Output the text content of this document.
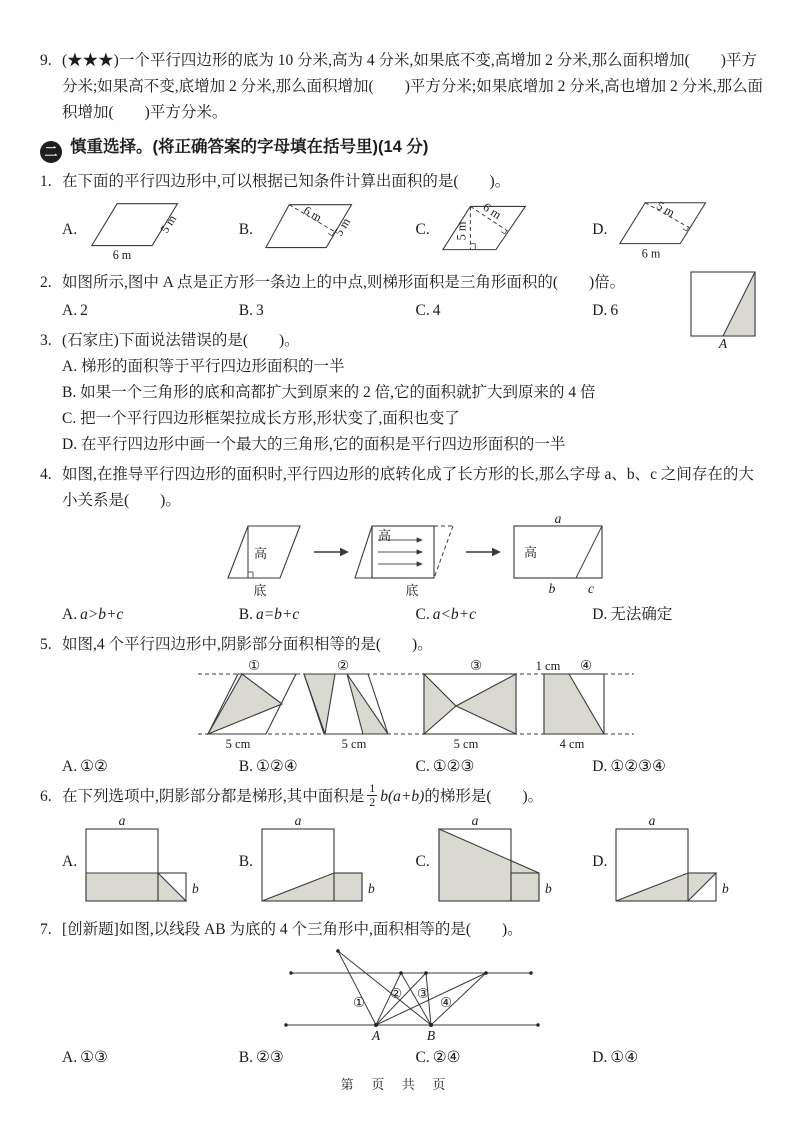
9. (★★★)一个平行四边形的底为 10 分米,高为 4 分米,如果底不变,高增加 2 分米,那么面积增加(　　)平方分米;如果高不变,底增加 2 分米,那么面积增加(　　)平方分米;如果底增加 2 分米,高也增加 2 分米,那么面积增加(　　)平方分米。
二 慎重选择。(将正确答案的字母填在括号里)(14 分)
1. 在下面的平行四边形中,可以根据已知条件计算出面积的是(　　)。
A.
6 m
5 m	B.
6 m
5 m	C. 5 m
6 m
D.
5 m
6 m
2. 如图所示,图中 A 点是正方形一条边上的中点,则梯形面积是三角形面积的(　　)倍。
A. 2	B. 3	C. 4	D. 6
A
3. (石家庄)下面说法错误的是(　　)。
A. 梯形的面积等于平行四边形面积的一半
B. 如果一个三角形的底和高都扩大到原来的 2 倍,它的面积就扩大到原来的 4 倍
C. 把一个平行四边形框架拉成长方形,形状变了,面积也变了
D. 在平行四边形中画一个最大的三角形,它的面积是平行四边形面积的一半
4. 如图,在推导平行四边形的面积时,平行四边形的底转化成了长方形的长,那么字母 a、b、c 之间存在的大小关系是(　　)。
高
底
高
底
a
高
b c
A. a>b+c	B. a=b+c	C. a<b+c	D. 无法确定
5. 如图,4 个平行四边形中,阴影部分面积相等的是(　　)。
①
5 cm
②
5 cm
③
5 cm
1 cm ④
4 cm
A. ①②	B. ①②④	C. ①②③	D. ①②③④
6. 在下列选项中,阴影部分都是梯形,其中面积是 $\frac{1}{2} b(a+b)$的梯形是(　　)。
A.
a
b
B.
a
b
C.
a
b
D.
a
b
7. [创新题]如图,以线段 AB 为底的 4 个三角形中,面积相等的是(　　)。
①
② ③
④
A	B
A. ①③	B. ②③	C. ②④	D. ①④
第 页 共 页
